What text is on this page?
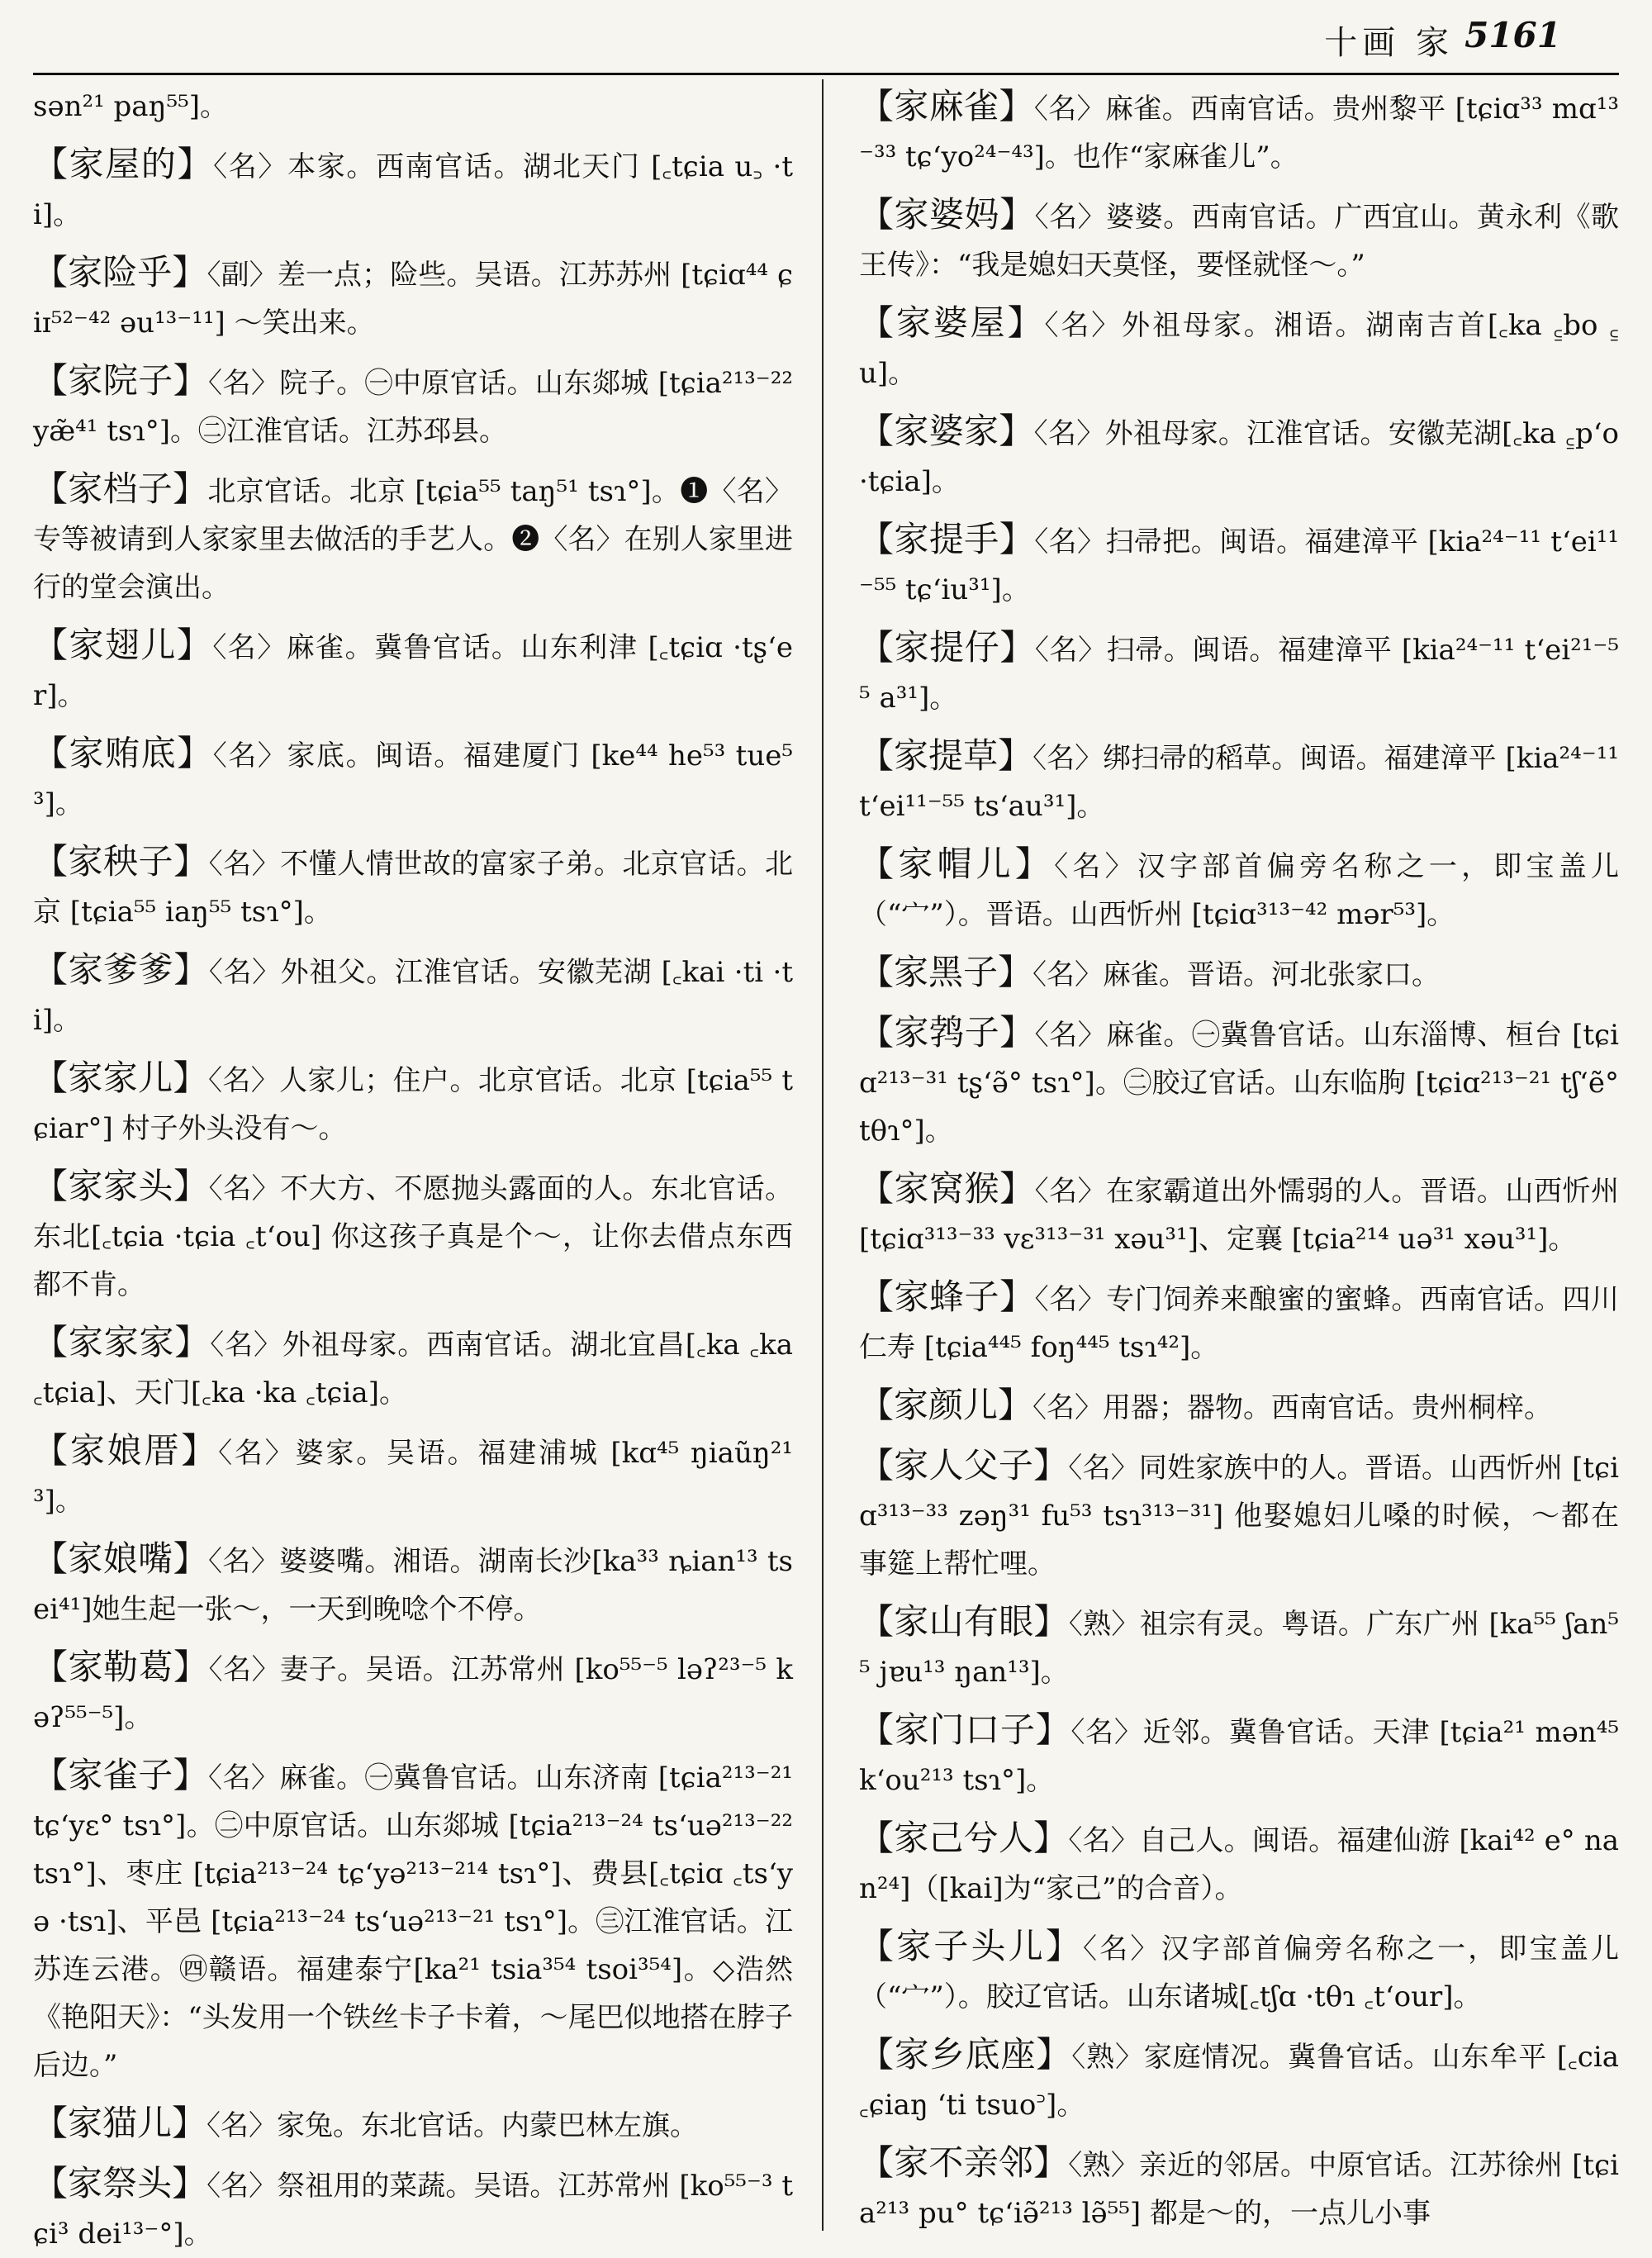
十画 家 5161
sən²¹ paŋ⁵⁵]。
【家屋的】〈名〉本家。西南官话。湖北天门 [꜀tɕia u꜆ ·ti]。
【家险乎】〈副〉差一点；险些。吴语。江苏苏州 [tɕiɑ⁴⁴ ɕiɪ⁵²⁻⁴² əu¹³⁻¹¹] ～笑出来。
【家院子】〈名〉院子。㊀中原官话。山东郯城 [tɕia²¹³⁻²² yæ̃⁴¹ tsɿ°]。㊁江淮官话。江苏邳县。
【家档子】北京官话。北京 [tɕia⁵⁵ taŋ⁵¹ tsɿ°]。❶〈名〉专等被请到人家家里去做活的手艺人。❷〈名〉在别人家里进行的堂会演出。
【家翅儿】〈名〉麻雀。冀鲁官话。山东利津 [꜀tɕiɑ ·tʂ‘er]。
【家贿底】〈名〉家底。闽语。福建厦门 [ke⁴⁴ he⁵³ tue⁵³]。
【家秧子】〈名〉不懂人情世故的富家子弟。北京官话。北京 [tɕia⁵⁵ iaŋ⁵⁵ tsɿ°]。
【家爹爹】〈名〉外祖父。江淮官话。安徽芜湖 [꜀kai ·ti ·ti]。
【家家儿】〈名〉人家儿；住户。北京官话。北京 [tɕia⁵⁵ tɕiar°] 村子外头没有～。
【家家头】〈名〉不大方、不愿抛头露面的人。东北官话。东北[꜀tɕia ·tɕia ꜀t‘ou] 你这孩子真是个～，让你去借点东西都不肯。
【家家家】〈名〉外祖母家。西南官话。湖北宜昌[꜀ka ꜀ka ꜀tɕia]、天门[꜀ka ·ka ꜀tɕia]。
【家娘厝】〈名〉婆家。吴语。福建浦城 [kɑ⁴⁵ ŋiaũŋ²¹³]。
【家娘嘴】〈名〉婆婆嘴。湘语。湖南长沙[ka³³ ȵian¹³ tsei⁴¹]她生起一张～，一天到晚唸个不停。
【家勒葛】〈名〉妻子。吴语。江苏常州 [ko⁵⁵⁻⁵ ləʔ²³⁻⁵ kəʔ⁵⁵⁻⁵]。
【家雀子】〈名〉麻雀。㊀冀鲁官话。山东济南 [tɕia²¹³⁻²¹ tɕ‘yɛ° tsɿ°]。㊁中原官话。山东郯城 [tɕia²¹³⁻²⁴ ts‘uə²¹³⁻²² tsɿ°]、枣庄 [tɕia²¹³⁻²⁴ tɕ‘yə²¹³⁻²¹⁴ tsɿ°]、费县[꜀tɕiɑ ꜀ts‘yə ·tsɿ]、平邑 [tɕia²¹³⁻²⁴ ts‘uə²¹³⁻²¹ tsɿ°]。㊂江淮官话。江苏连云港。㊃赣语。福建泰宁[ka²¹ tsia³⁵⁴ tsoi³⁵⁴]。◇浩然《艳阳天》：“头发用一个铁丝卡子卡着，～尾巴似地搭在脖子后边。”
【家猫儿】〈名〉家兔。东北官话。内蒙巴林左旗。
【家祭头】〈名〉祭祖用的菜蔬。吴语。江苏常州 [ko⁵⁵⁻³ tɕi³ dei¹³⁻°]。
【家麻雀】〈名〉麻雀。西南官话。贵州黎平 [tɕiɑ³³ mɑ¹³⁻³³ tɕ‘yo²⁴⁻⁴³]。也作“家麻雀儿”。
【家婆妈】〈名〉婆婆。西南官话。广西宜山。黄永利《歌王传》：“我是媳妇天莫怪，要怪就怪～。”
【家婆屋】〈名〉外祖母家。湘语。湖南吉首[꜀ka ꜁bo ꜁u]。
【家婆家】〈名〉外祖母家。江淮官话。安徽芜湖[꜀ka ꜁p‘o ·tɕia]。
【家提手】〈名〉扫帚把。闽语。福建漳平 [kia²⁴⁻¹¹ t‘ei¹¹⁻⁵⁵ tɕ‘iu³¹]。
【家提仔】〈名〉扫帚。闽语。福建漳平 [kia²⁴⁻¹¹ t‘ei²¹⁻⁵⁵ a³¹]。
【家提草】〈名〉绑扫帚的稻草。闽语。福建漳平 [kia²⁴⁻¹¹ t‘ei¹¹⁻⁵⁵ ts‘au³¹]。
【家帽儿】〈名〉汉字部首偏旁名称之一，即宝盖儿（“宀”）。晋语。山西忻州 [tɕiɑ³¹³⁻⁴² mər⁵³]。
【家黑子】〈名〉麻雀。晋语。河北张家口。
【家鹁子】〈名〉麻雀。㊀冀鲁官话。山东淄博、桓台 [tɕiɑ²¹³⁻³¹ tʂ‘ə̃° tsɿ°]。㊁胶辽官话。山东临朐 [tɕiɑ²¹³⁻²¹ tʃ‘ẽ° tθɿ°]。
【家窝猴】〈名〉在家霸道出外懦弱的人。晋语。山西忻州 [tɕiɑ³¹³⁻³³ vɛ³¹³⁻³¹ xəu³¹]、定襄 [tɕia²¹⁴ uə³¹ xəu³¹]。
【家蜂子】〈名〉专门饲养来酿蜜的蜜蜂。西南官话。四川仁寿 [tɕia⁴⁴⁵ foŋ⁴⁴⁵ tsɿ⁴²]。
【家颜儿】〈名〉用器；器物。西南官话。贵州桐梓。
【家人父子】〈名〉同姓家族中的人。晋语。山西忻州 [tɕiɑ³¹³⁻³³ zəŋ³¹ fu⁵³ tsɿ³¹³⁻³¹] 他娶媳妇儿嗓的时候，～都在事筵上帮忙哩。
【家山有眼】〈熟〉祖宗有灵。粤语。广东广州 [ka⁵⁵ ʃan⁵⁵ jɐu¹³ ŋan¹³]。
【家门口子】〈名〉近邻。冀鲁官话。天津 [tɕia²¹ mən⁴⁵ k‘ou²¹³ tsɿ°]。
【家己兮人】〈名〉自己人。闽语。福建仙游 [kai⁴² e° nan²⁴]（[kai]为“家己”的合音）。
【家子头儿】〈名〉汉字部首偏旁名称之一，即宝盖儿（“宀”）。胶辽官话。山东诸城[꜀tʃɑ ·tθɿ ꜀t‘our]。
【家乡底座】〈熟〉家庭情况。冀鲁官话。山东牟平 [꜀cia ꜀ɕiaŋ ‘ti tsuo꜄]。
【家不亲邻】〈熟〉亲近的邻居。中原官话。江苏徐州 [tɕia²¹³ pu° tɕ‘iə̃²¹³ lə̃⁵⁵] 都是～的，一点儿小事
